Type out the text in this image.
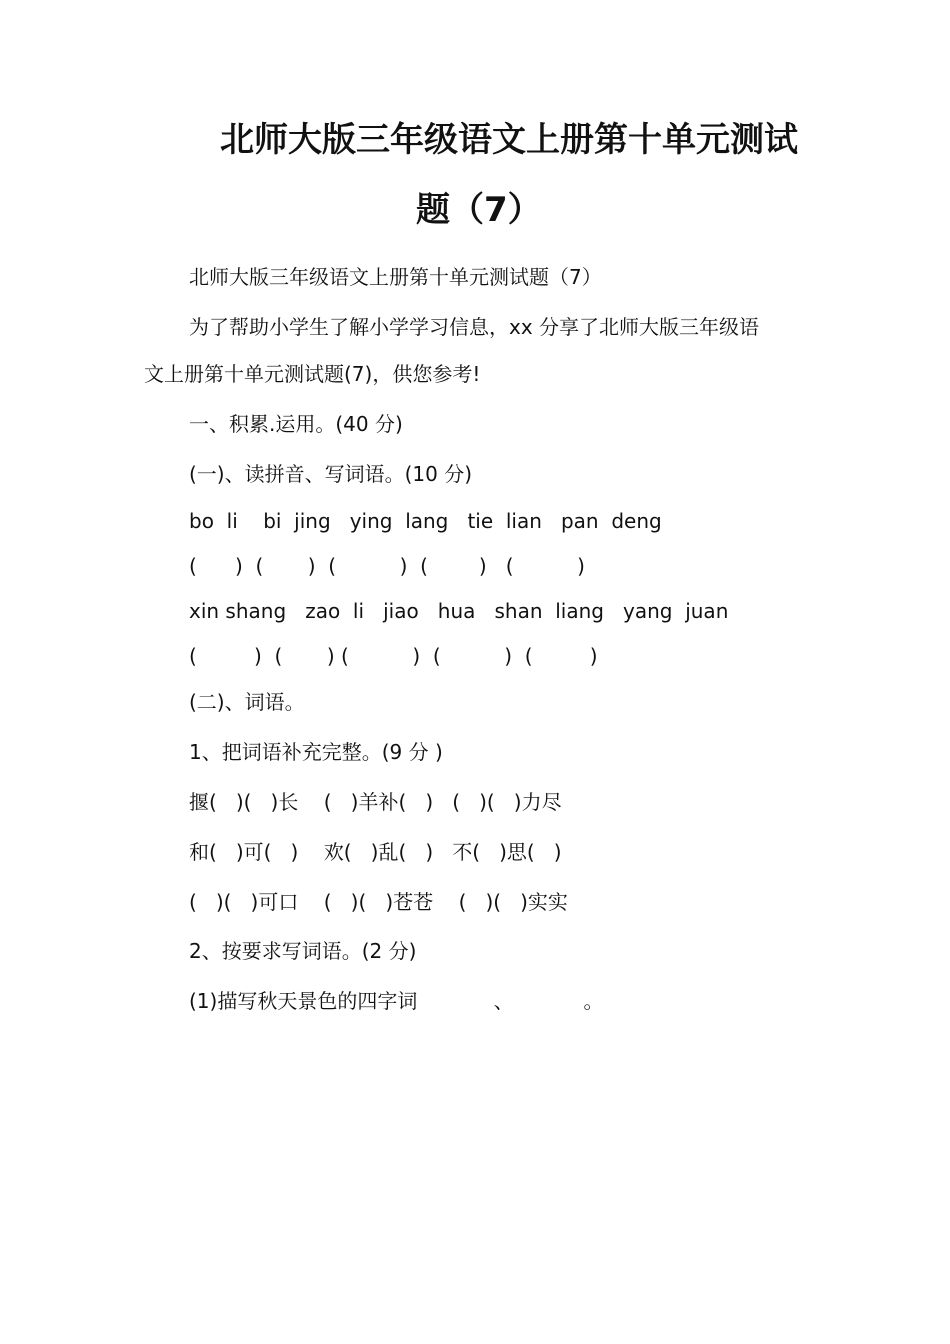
北师大版三年级语文上册第十单元测试
题（7）
北师大版三年级语文上册第十单元测试题（7）
为了帮助小学生了解小学学习信息，xx 分享了北师大版三年级语
文上册第十单元测试题(7)，供您参考!
一、积累.运用。(40 分)
(一)、读拼音、写词语。(10 分)
bo  li    bi  jing   ying  lang   tie  lian   pan  deng
(      )  (       )  (          )  (        )   (          )
xin shang   zao  li   jiao   hua   shan  liang   yang  juan
(         )  (       ) (          )  (          )  (         )
(二)、词语。
1、把词语补充完整。(9 分 )
揠(   )(   )长    (   )羊补(   )   (   )(   )力尽
和(   )可(   )    欢(   )乱(   )   不(   )思(   )
(   )(   )可口    (   )(   )苍苍    (   )(   )实实
2、按要求写词语。(2 分)
(1)描写秋天景色的四字词            、           。
